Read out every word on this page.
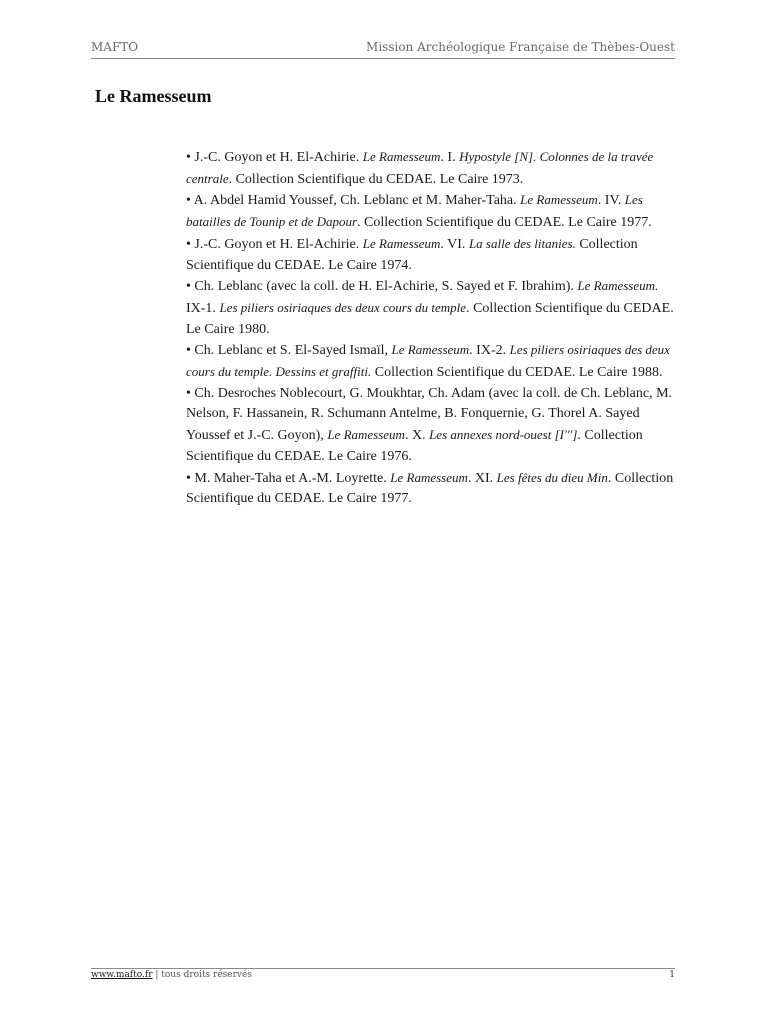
MAFTO	Mission Archéologique Française de Thèbes-Ouest
Le Ramesseum

• J.-C. Goyon et H. El-Achirie. Le Ramesseum. I. Hypostyle [N]. Colonnes de la travée centrale. Collection Scientifique du CEDAE. Le Caire 1973.

• A. Abdel Hamid Youssef, Ch. Leblanc et M. Maher-Taha. Le Ramesseum. IV. Les batailles de Tounip et de Dapour. Collection Scientifique du CEDAE. Le Caire 1977.

• J.-C. Goyon et H. El-Achirie. Le Ramesseum. VI. La salle des litanies. Collection Scientifique du CEDAE. Le Caire 1974.

• Ch. Leblanc (avec la coll. de H. El-Achirie, S. Sayed et F. Ibrahim). Le Ramesseum. IX-1. Les piliers osiriaques des deux cours du temple. Collection Scientifique du CEDAE. Le Caire 1980.

• Ch. Leblanc et S. El-Sayed Ismaïl, Le Ramesseum. IX-2. Les piliers osiriaques des deux cours du temple. Dessins et graffiti. Collection Scientifique du CEDAE. Le Caire 1988.

• Ch. Desroches Noblecourt, G. Moukhtar, Ch. Adam (avec la coll. de Ch. Leblanc, M. Nelson, F. Hassanein, R. Schumann Antelme, B. Fonquernie, G. Thorel A. Sayed Youssef et J.-C. Goyon), Le Ramesseum. X. Les annexes nord-ouest [I''']. Collection Scientifique du CEDAE. Le Caire 1976.

• M. Maher-Taha et A.-M. Loyrette. Le Ramesseum. XI. Les fêtes du dieu Min. Collection Scientifique du CEDAE. Le Caire 1977.

www.mafto.fr | tous droits réservés	1
